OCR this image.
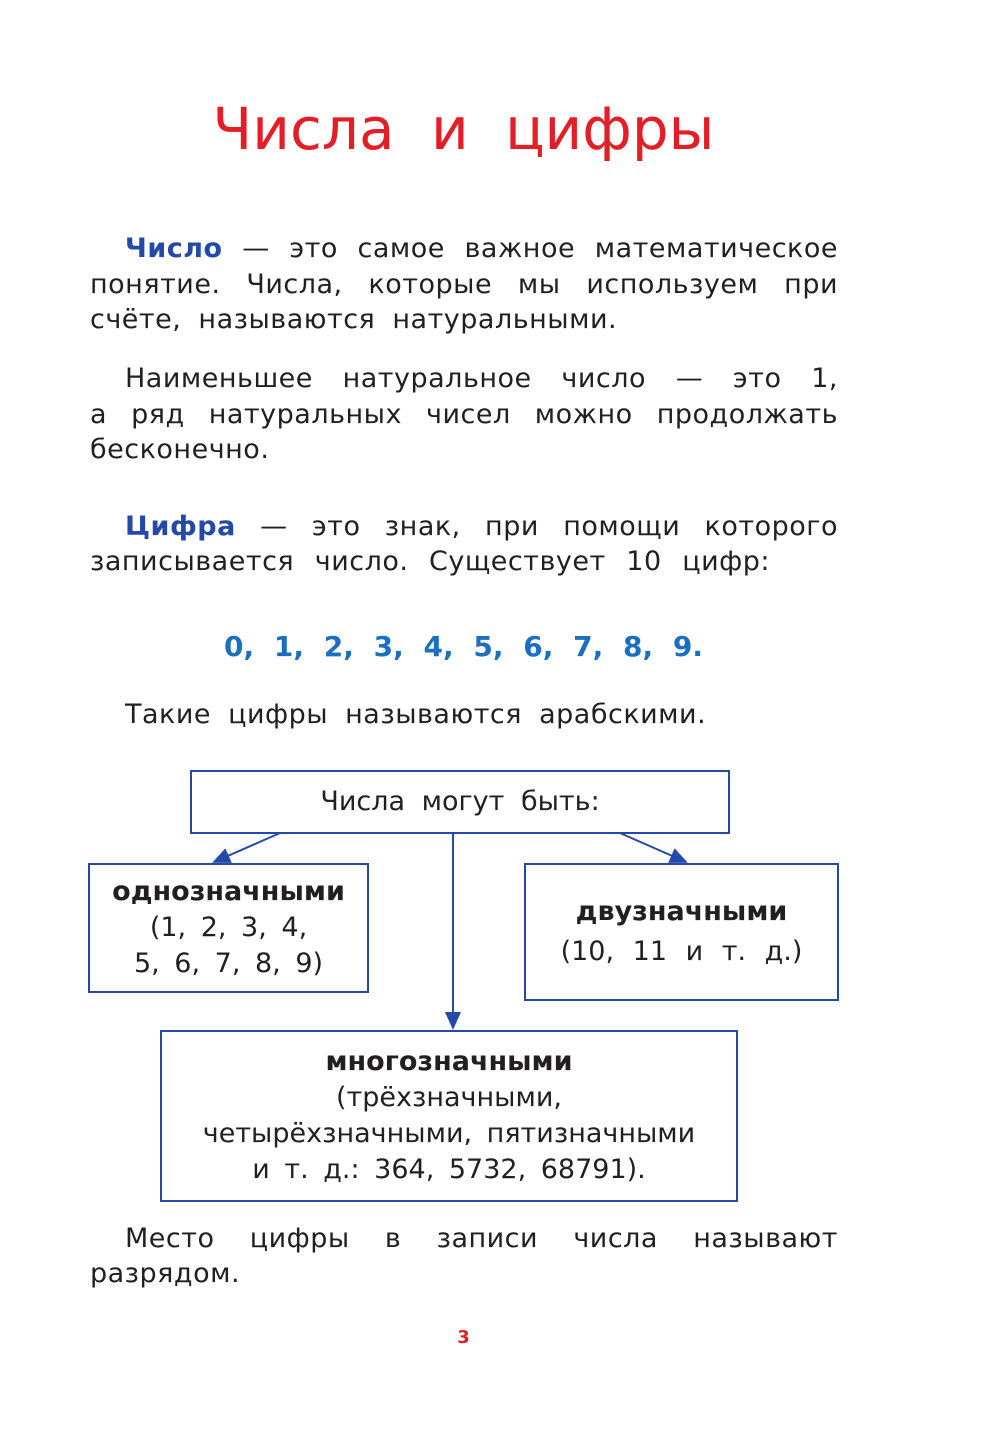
Числа и цифры
Число — это самое важное математическое
понятие. Числа, которые мы используем при
счёте, называются натуральными.
Наименьшее натуральное число — это 1,
а ряд натуральных чисел можно продолжать
бесконечно.
Цифра — это знак, при помощи которого
записывается число. Существует 10 цифр:
0, 1, 2, 3, 4, 5, 6, 7, 8, 9.
Такие цифры называются арабскими.
Числа могут быть:
однозначными
(1, 2, 3, 4,
5, 6, 7, 8, 9)
двузначными
(10, 11 и т. д.)
многозначными
(трёхзначными,
четырёхзначными, пятизначными
и т. д.: 364, 5732, 68791).
Место цифры в записи числа называют
разрядом.
3
